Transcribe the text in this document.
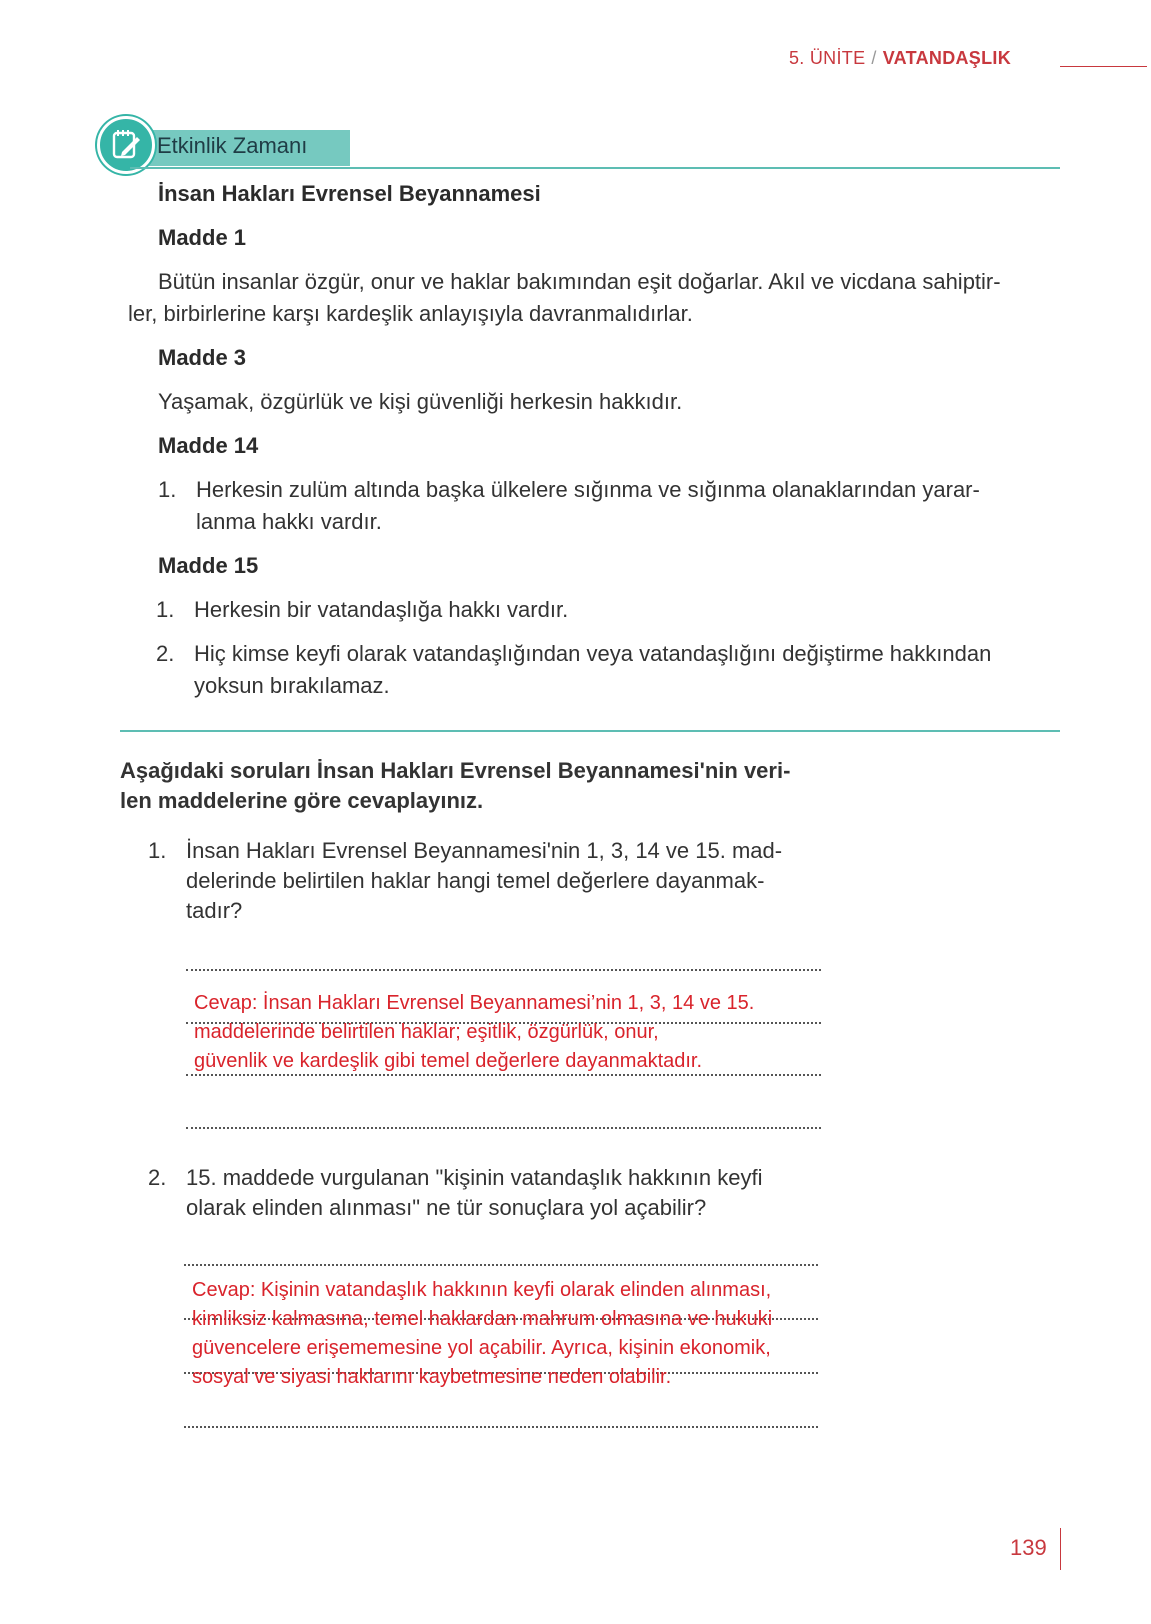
5. ÜNİTE / VATANDAŞLIK
Etkinlik Zamanı
İnsan Hakları Evrensel Beyannamesi
Madde 1
Bütün insanlar özgür, onur ve haklar bakımından eşit doğarlar. Akıl ve vicdana sahiptir-
ler, birbirlerine karşı kardeşlik anlayışıyla davranmalıdırlar.
Madde 3
Yaşamak, özgürlük ve kişi güvenliği herkesin hakkıdır.
Madde 14
1. Herkesin zulüm altında başka ülkelere sığınma ve sığınma olanaklarından yarar-
lanma hakkı vardır.
Madde 15
1. Herkesin bir vatandaşlığa hakkı vardır.
2. Hiç kimse keyfi olarak vatandaşlığından veya vatandaşlığını değiştirme hakkından
yoksun bırakılamaz.
Aşağıdaki soruları İnsan Hakları Evrensel Beyannamesi'nin veri-
len maddelerine göre cevaplayınız.
1. İnsan Hakları Evrensel Beyannamesi'nin 1, 3, 14 ve 15. mad-
delerinde belirtilen haklar hangi temel değerlere dayanmak-
tadır?
Cevap: İnsan Hakları Evrensel Beyannamesi’nin 1, 3, 14 ve 15.
maddelerinde belirtilen haklar; eşitlik, özgürlük, onur,
güvenlik ve kardeşlik gibi temel değerlere dayanmaktadır.
2. 15. maddede vurgulanan "kişinin vatandaşlık hakkının keyfi
olarak elinden alınması" ne tür sonuçlara yol açabilir?
Cevap: Kişinin vatandaşlık hakkının keyfi olarak elinden alınması,
kimliksiz kalmasına, temel haklardan mahrum olmasına ve hukuki
güvencelere erişememesine yol açabilir. Ayrıca, kişinin ekonomik,
sosyal ve siyasi haklarını kaybetmesine neden olabilir.
139
